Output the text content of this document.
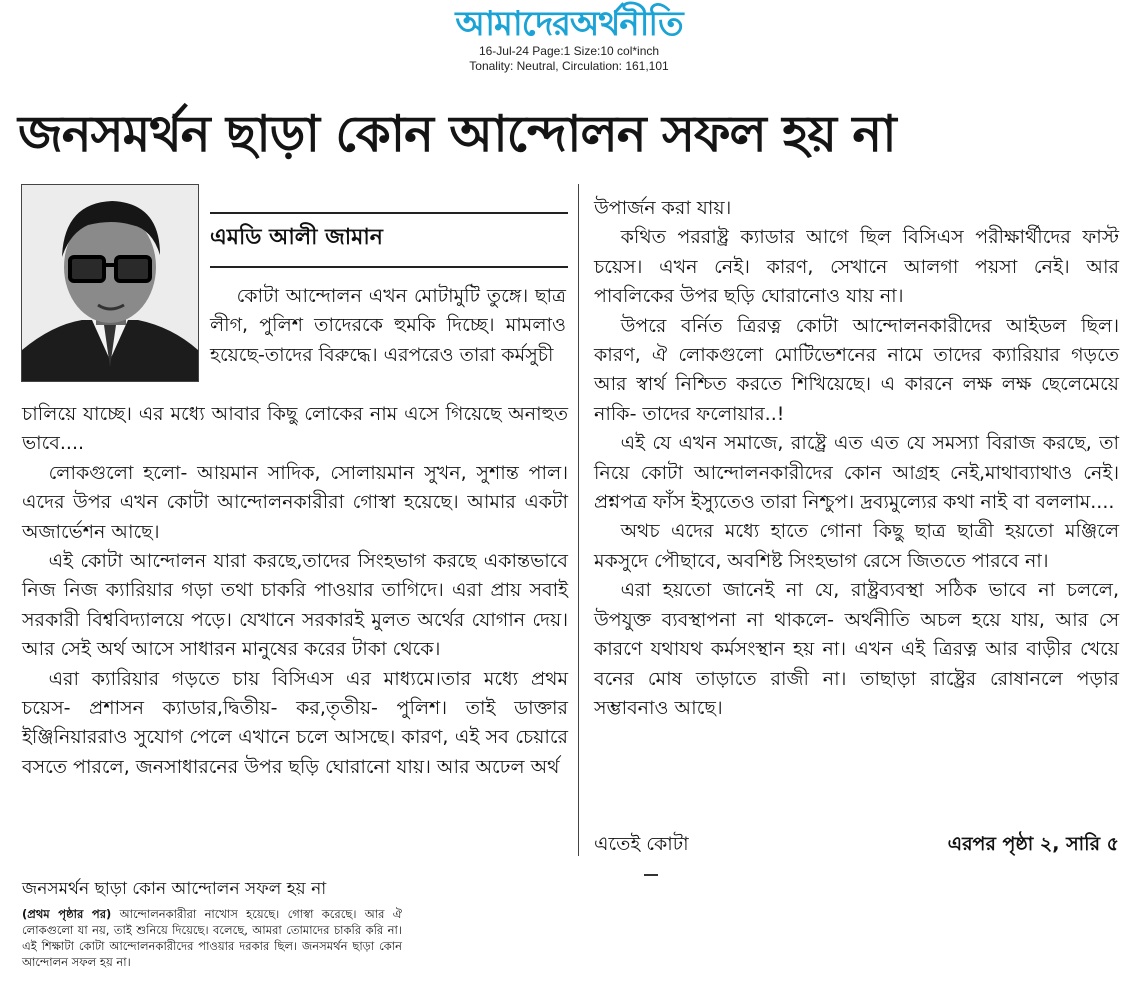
আমাদেরঅর্থনীতি
16-Jul-24 Page:1 Size:10 col*inch
Tonality: Neutral, Circulation: 161,101
জনসমর্থন ছাড়া কোন আন্দোলন সফল হয় না
এমডি আলী জামান

কোটা আন্দোলন এখন মোটামুটি তুঙ্গে। ছাত্র লীগ, পুলিশ তাদেরকে হুমকি দিচ্ছে। মামলাও হয়েছে-তাদের বিরুদ্ধে। এরপরেও তারা কর্মসুচী

চালিয়ে যাচ্ছে। এর মধ্যে আবার কিছু লোকের নাম এসে গিয়েছে অনাহুত ভাবে....

লোকগুলো হলো- আয়মান সাদিক, সোলায়মান সুখন, সুশান্ত পাল। এদের উপর এখন কোটা আন্দোলনকারীরা গোস্বা হয়েছে। আমার একটা অজার্ভেশন আছে।

এই কোটা আন্দোলন যারা করছে,তাদের সিংহভাগ করছে একান্তভাবে নিজ নিজ ক্যারিয়ার গড়া তথা চাকরি পাওয়ার তাগিদে। এরা প্রায় সবাই সরকারী বিশ্ববিদ্যালয়ে পড়ে। যেখানে সরকারই মুলত অর্থের যোগান দেয়। আর সেই অর্থ আসে সাধারন মানুষের করের টাকা থেকে।

এরা ক্যারিয়ার গড়তে চায় বিসিএস এর মাধ্যমে।তার মধ্যে প্রথম চয়েস- প্রশাসন ক্যাডার,দ্বিতীয়- কর,তৃতীয়- পুলিশ। তাই ডাক্তার ইঞ্জিনিয়াররাও সুযোগ পেলে এখানে চলে আসছে। কারণ, এই সব চেয়ারে বসতে পারলে, জনসাধারনের উপর ছড়ি ঘোরানো যায়। আর অঢেল অর্থ

উপার্জন করা যায়।

কথিত পররাষ্ট্র ক্যাডার আগে ছিল বিসিএস পরীক্ষার্থীদের ফাস্ট চয়েস। এখন নেই। কারণ, সেখানে আলগা পয়সা নেই। আর পাবলিকের উপর ছড়ি ঘোরানোও যায় না।

উপরে বর্নিত ত্রিরত্ন কোটা আন্দোলনকারীদের আইডল ছিল। কারণ, ঐ লোকগুলো মোটিভেশনের নামে তাদের ক্যারিয়ার গড়তে আর স্বার্থ নিশ্চিত করতে শিখিয়েছে। এ কারনে লক্ষ লক্ষ ছেলেমেয়ে নাকি- তাদের ফলোয়ার..!

এই যে এখন সমাজে, রাষ্ট্রে এত এত যে সমস্যা বিরাজ করছে, তা নিয়ে কোটা আন্দোলনকারীদের কোন আগ্রহ নেই,মাথাব্যাথাও নেই। প্রশ্নপত্র ফাঁস ইস্যুতেও তারা নিশ্চুপ। দ্রব্যমুল্যের কথা নাই বা বললাম....

অথচ এদের মধ্যে হাতে গোনা কিছু ছাত্র ছাত্রী হয়তো মঞ্জিলে মকসুদে পৌছাবে, অবশিষ্ট সিংহভাগ রেসে জিততে পারবে না।

এরা হয়তো জানেই না যে, রাষ্ট্রব্যবস্থা সঠিক ভাবে না চললে, উপযুক্ত ব্যবস্থাপনা না থাকলে- অর্থনীতি অচল হয়ে যায়, আর সে কারণে যথাযথ কর্মসংস্থান হয় না। এখন এই ত্রিরত্ন আর বাড়ীর খেয়ে বনের মোষ তাড়াতে রাজী না। তাছাড়া রাষ্ট্রের রোষানলে পড়ার সম্ভাবনাও আছে।

এতেই কোটা	এরপর পৃষ্ঠা ২, সারি ৫
জনসমর্থন ছাড়া কোন আন্দোলন সফল হয় না
(প্রথম পৃষ্ঠার পর) আন্দোলনকারীরা নাখোস হয়েছে। গোস্বা করেছে। আর ঐ লোকগুলো যা নয়, তাই শুনিয়ে দিয়েছে। বলেছে, আমরা তোমাদের চাকরি করি না। এই শিক্ষাটা কোটা আন্দোলনকারীদের পাওয়ার দরকার ছিল। জনসমর্থন ছাড়া কোন আন্দোলন সফল হয় না।
